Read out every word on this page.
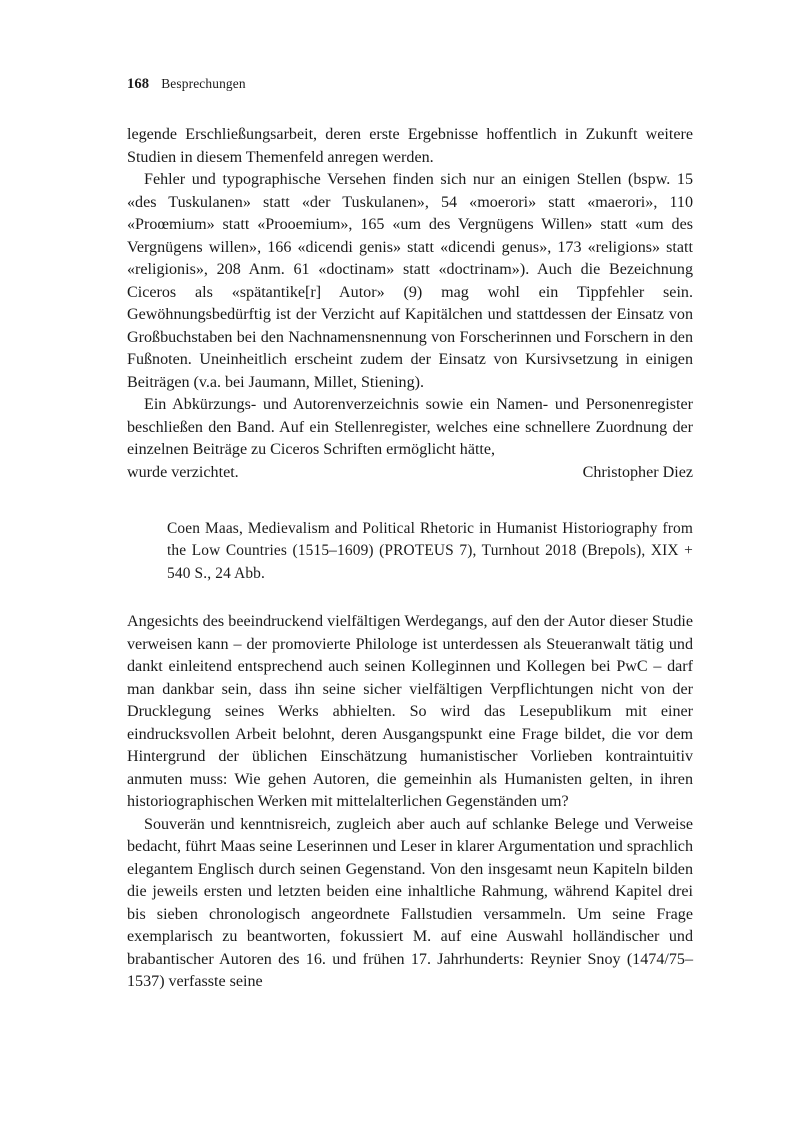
168 Besprechungen

legende Erschließungsarbeit, deren erste Ergebnisse hoffentlich in Zukunft weitere Studien in diesem Themenfeld anregen werden.

Fehler und typographische Versehen finden sich nur an einigen Stellen (bspw. 15 «des Tuskulanen» statt «der Tuskulanen», 54 «moerori» statt «maerori», 110 «Proœmium» statt «Prooemium», 165 «um des Vergnügens Willen» statt «um des Vergnügens willen», 166 «dicendi genis» statt «dicendi genus», 173 «religions» statt «religionis», 208 Anm. 61 «doctinam» statt «doctrinam»). Auch die Bezeichnung Ciceros als «spätantike[r] Autor» (9) mag wohl ein Tippfehler sein. Gewöhnungsbedürftig ist der Verzicht auf Kapitälchen und stattdessen der Einsatz von Großbuchstaben bei den Nachnamensnennung von Forscherinnen und Forschern in den Fußnoten. Uneinheitlich erscheint zudem der Einsatz von Kursivsetzung in einigen Beiträgen (v.a. bei Jaumann, Millet, Stiening).

Ein Abkürzungs- und Autorenverzeichnis sowie ein Namen- und Personenregister beschließen den Band. Auf ein Stellenregister, welches eine schnellere Zuordnung der einzelnen Beiträge zu Ciceros Schriften ermöglicht hätte,

wurde verzichtet.	Christopher Diez
Coen Maas, Medievalism and Political Rhetoric in Humanist Historiography from the Low Countries (1515–1609) (PROTEUS 7), Turnhout 2018 (Brepols), XIX + 540 S., 24 Abb.

Angesichts des beeindruckend vielfältigen Werdegangs, auf den der Autor dieser Studie verweisen kann – der promovierte Philologe ist unterdessen als Steueranwalt tätig und dankt einleitend entsprechend auch seinen Kolleginnen und Kollegen bei PwC – darf man dankbar sein, dass ihn seine sicher vielfältigen Verpflichtungen nicht von der Drucklegung seines Werks abhielten. So wird das Lesepublikum mit einer eindrucksvollen Arbeit belohnt, deren Ausgangspunkt eine Frage bildet, die vor dem Hintergrund der üblichen Einschätzung humanistischer Vorlieben kontraintuitiv anmuten muss: Wie gehen Autoren, die gemeinhin als Humanisten gelten, in ihren historiographischen Werken mit mittelalterlichen Gegenständen um?

Souverän und kenntnisreich, zugleich aber auch auf schlanke Belege und Verweise bedacht, führt Maas seine Leserinnen und Leser in klarer Argumentation und sprachlich elegantem Englisch durch seinen Gegenstand. Von den insgesamt neun Kapiteln bilden die jeweils ersten und letzten beiden eine inhaltliche Rahmung, während Kapitel drei bis sieben chronologisch angeordnete Fallstudien versammeln. Um seine Frage exemplarisch zu beantworten, fokussiert M. auf eine Auswahl holländischer und brabantischer Autoren des 16. und frühen 17. Jahrhunderts: Reynier Snoy (1474/75–1537) verfasste seine
